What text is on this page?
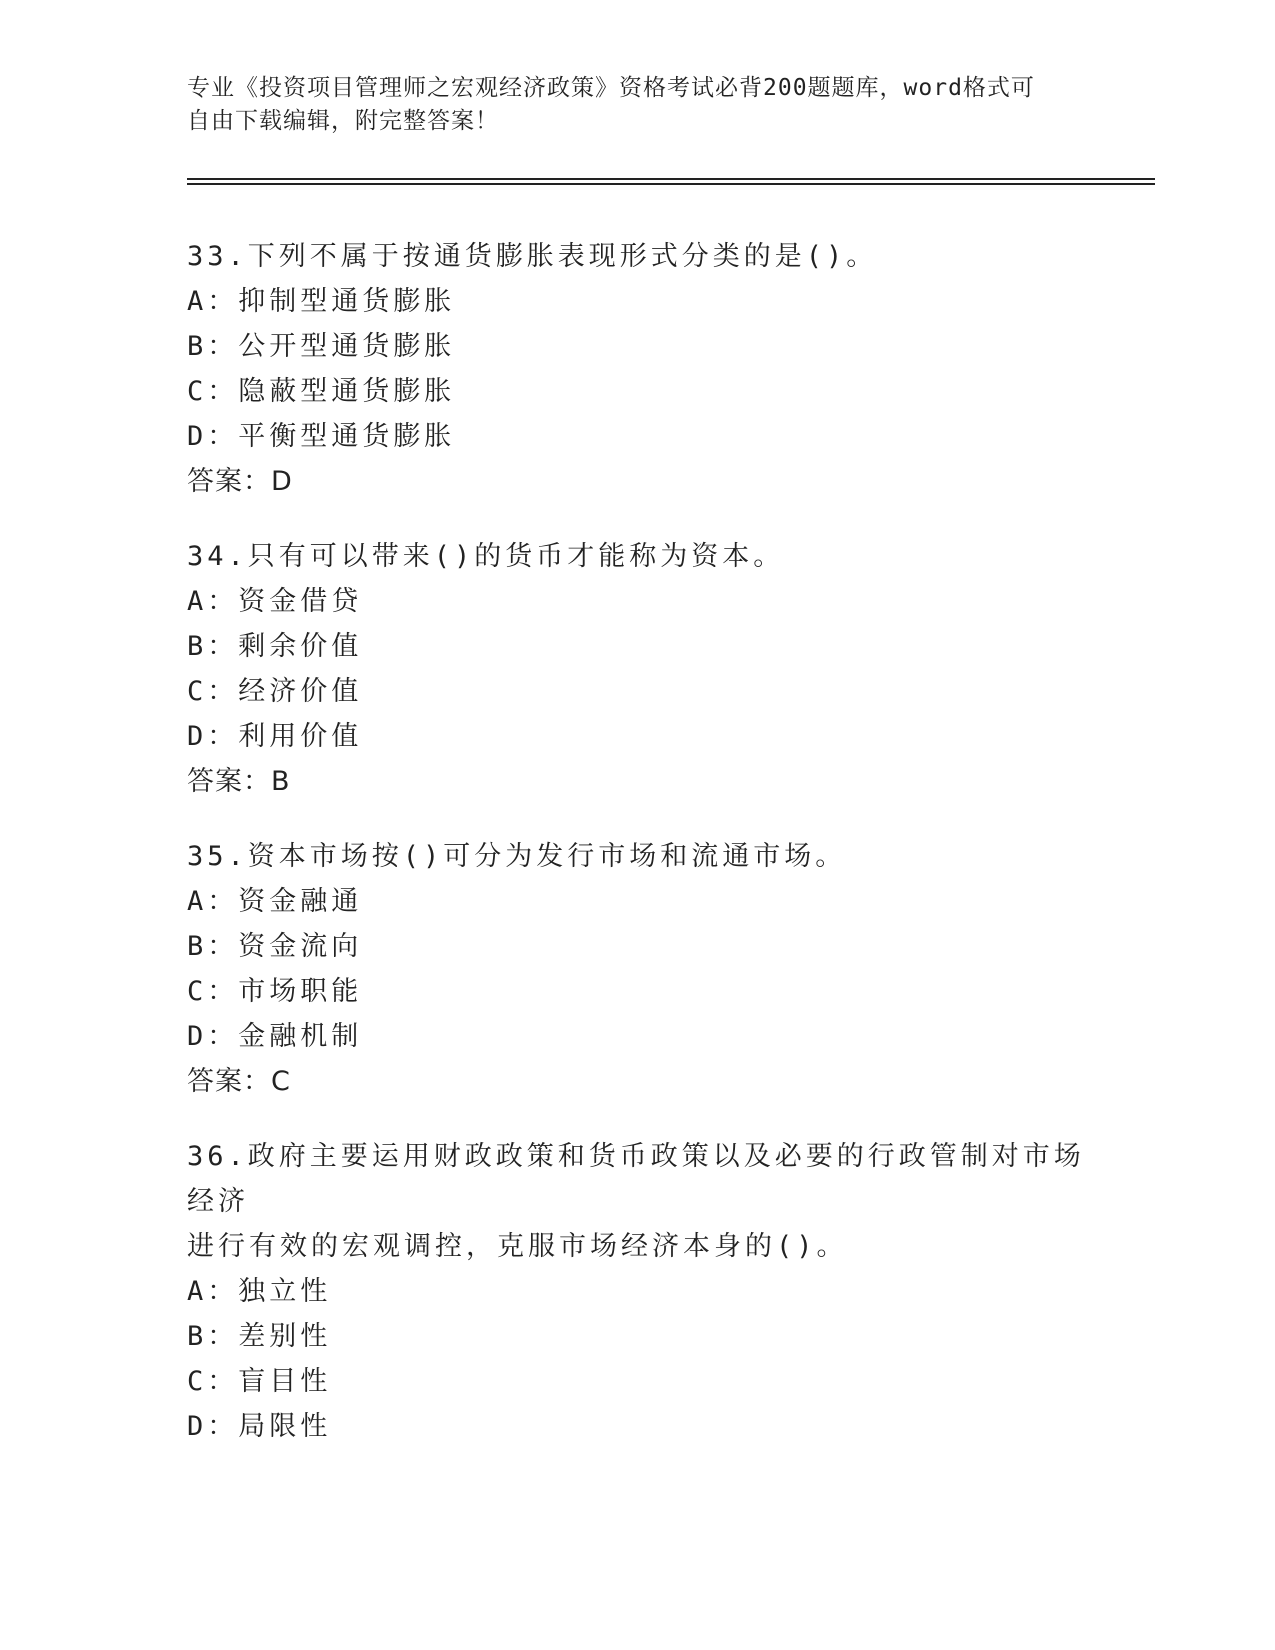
专业《投资项目管理师之宏观经济政策》资格考试必背200题题库，word格式可
自由下载编辑，附完整答案！
33.下列不属于按通货膨胀表现形式分类的是()。
A：抑制型通货膨胀
B：公开型通货膨胀
C：隐蔽型通货膨胀
D：平衡型通货膨胀
答案：D
34.只有可以带来()的货币才能称为资本。
A：资金借贷
B：剩余价值
C：经济价值
D：利用价值
答案：B
35.资本市场按()可分为发行市场和流通市场。
A：资金融通
B：资金流向
C：市场职能
D：金融机制
答案：C
36.政府主要运用财政政策和货币政策以及必要的行政管制对市场经济
进行有效的宏观调控，克服市场经济本身的()。
A：独立性
B：差别性
C：盲目性
D：局限性
